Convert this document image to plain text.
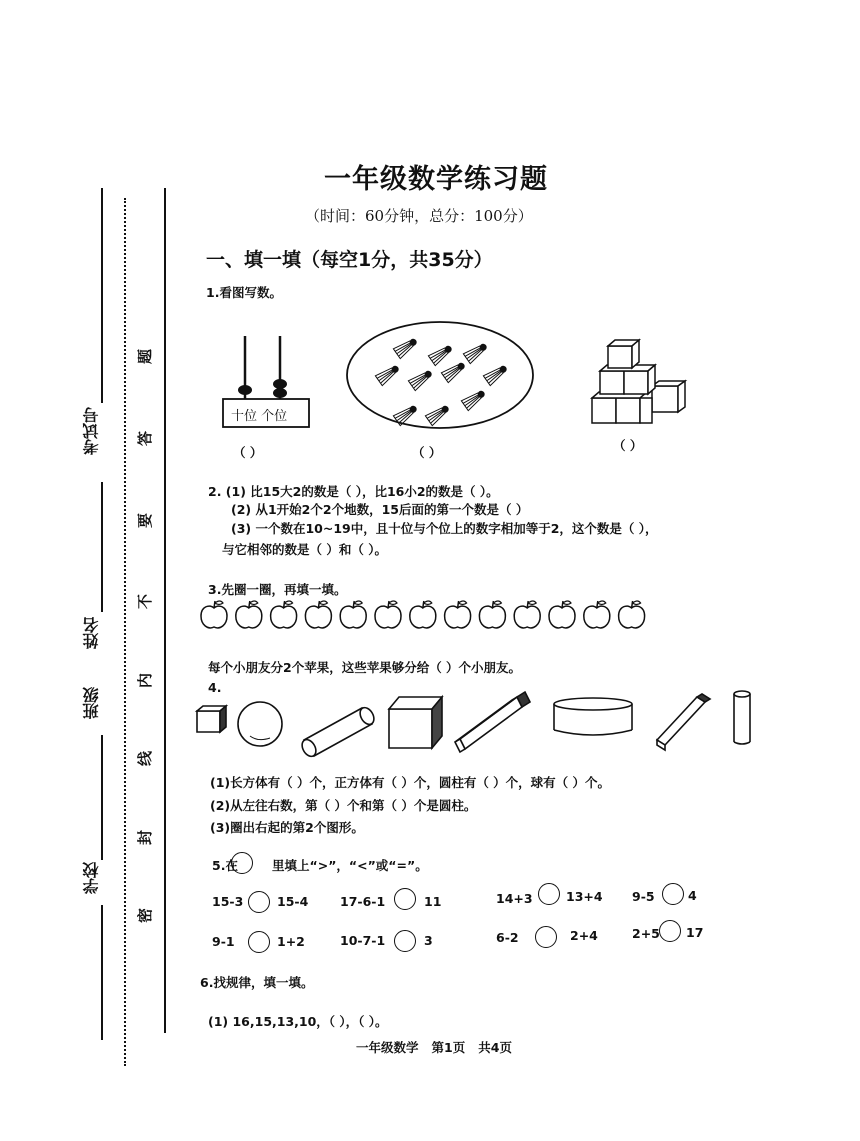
考试号
姓名
班级
学校
题
答
要
不
内
线
封
密
一年级数学练习题
（时间：60分钟，总分：100分）
一、填一填（每空1分，共35分）
1.看图写数。
十位 个位
（ ）	（ ）	（ ）
2. (1) 比15大2的数是（ ），比16小2的数是（ ）。
(2) 从1开始2个2个地数，15后面的第一个数是（ ）
(3) 一个数在10~19中，且十位与个位上的数字相加等于2，这个数是（ ），
与它相邻的数是（ ）和（ ）。
3.先圈一圈，再填一填。
每个小朋友分2个苹果，这些苹果够分给（ ）个小朋友。
4.
(1)长方体有（ ）个，正方体有（ ）个，圆柱有（ ）个，球有（ ）个。
(2)从左往右数，第（ ）个和第（ ）个是圆柱。
(3)圈出右起的第2个图形。
5.在	里填上“>”，“<”或“=”。
15-3	15-4	17-6-1	11	14+3	13+4 9-5	4
9-1	1+2	10-7-1	3	6-2	2+4	2+5 17
6.找规律，填一填。
(1) 16,15,13,10，（ ），（ ）。
一年级数学   第1页   共4页
